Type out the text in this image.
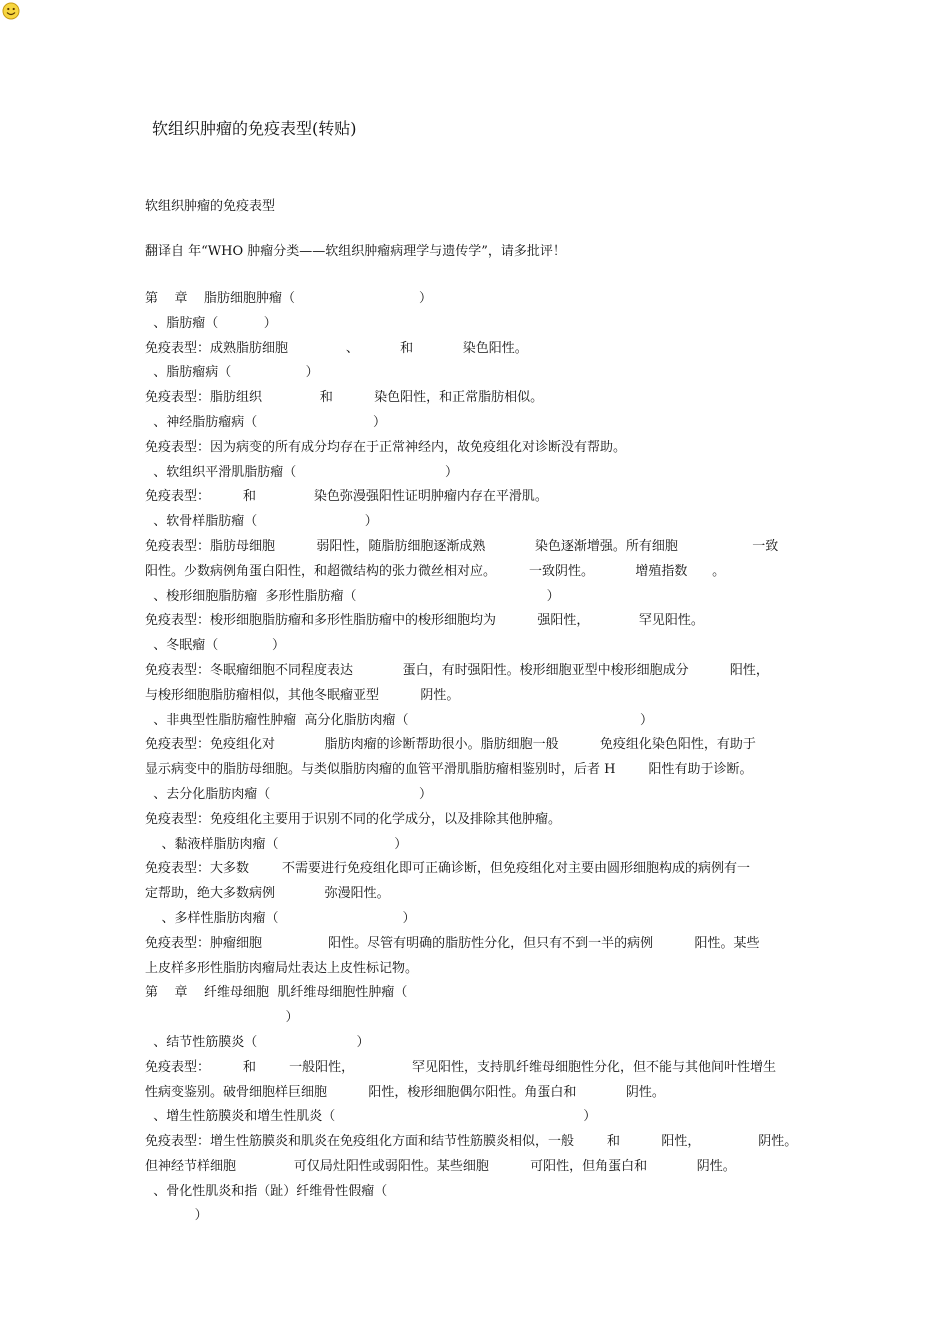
软组织肿瘤的免疫表型(转贴)
软组织肿瘤的免疫表型
翻译自 年“WHO 肿瘤分类——软组织肿瘤病理学与遗传学”，请多批评！
第    章    脂肪细胞肿瘤（                              ）
、脂肪瘤（           ）
免疫表型：成熟脂肪细胞              、          和            染色阳性。
、脂肪瘤病（                  ）
免疫表型：脂肪组织              和          染色阳性，和正常脂肪相似。
、神经脂肪瘤病（                            ）
免疫表型：因为病变的所有成分均存在于正常神经内，故免疫组化对诊断没有帮助。
、软组织平滑肌脂肪瘤（                                    ）
免疫表型：        和              染色弥漫强阳性证明肿瘤内存在平滑肌。
、软骨样脂肪瘤（                          ）
免疫表型：脂肪母细胞          弱阳性，随脂肪细胞逐渐成熟            染色逐渐增强。所有细胞                  一致
阳性。少数病例角蛋白阳性，和超微结构的张力微丝相对应。        一致阴性。          增殖指数      。
、梭形细胞脂肪瘤  多形性脂肪瘤（                                              ）
免疫表型：梭形细胞脂肪瘤和多形性脂肪瘤中的梭形细胞均为          强阳性，            罕见阳性。
、冬眠瘤（             ）
免疫表型：冬眠瘤细胞不同程度表达            蛋白，有时强阳性。梭形细胞亚型中梭形细胞成分          阳性，
与梭形细胞脂肪瘤相似，其他冬眠瘤亚型          阴性。
、非典型性脂肪瘤性肿瘤  高分化脂肪肉瘤（                                                        ）
免疫表型：免疫组化对            脂肪肉瘤的诊断帮助很小。脂肪细胞一般          免疫组化染色阳性，有助于
显示病变中的脂肪母细胞。与类似脂肪肉瘤的血管平滑肌脂肪瘤相鉴别时，后者 H        阳性有助于诊断。
、去分化脂肪肉瘤（                                    ）
免疫表型：免疫组化主要用于识别不同的化学成分，以及排除其他肿瘤。
、黏液样脂肪肉瘤（                            ）
免疫表型：大多数        不需要进行免疫组化即可正确诊断，但免疫组化对主要由圆形细胞构成的病例有一
定帮助，绝大多数病例            弥漫阳性。
、多样性脂肪肉瘤（                              ）
免疫表型：肿瘤细胞                阳性。尽管有明确的脂肪性分化，但只有不到一半的病例          阳性。某些
上皮样多形性脂肪肉瘤局灶表达上皮性标记物。
第    章    纤维母细胞  肌纤维母细胞性肿瘤（
）
、结节性筋膜炎（                        ）
免疫表型：        和        一般阳性，              罕见阳性，支持肌纤维母细胞性分化，但不能与其他间叶性增生
性病变鉴别。破骨细胞样巨细胞          阳性，梭形细胞偶尔阳性。角蛋白和            阴性。
、增生性筋膜炎和增生性肌炎（                                                            ）
免疫表型：增生性筋膜炎和肌炎在免疫组化方面和结节性筋膜炎相似，一般        和          阳性，              阴性。
但神经节样细胞              可仅局灶阳性或弱阳性。某些细胞          可阳性，但角蛋白和            阴性。
、骨化性肌炎和指（趾）纤维骨性假瘤（
）
